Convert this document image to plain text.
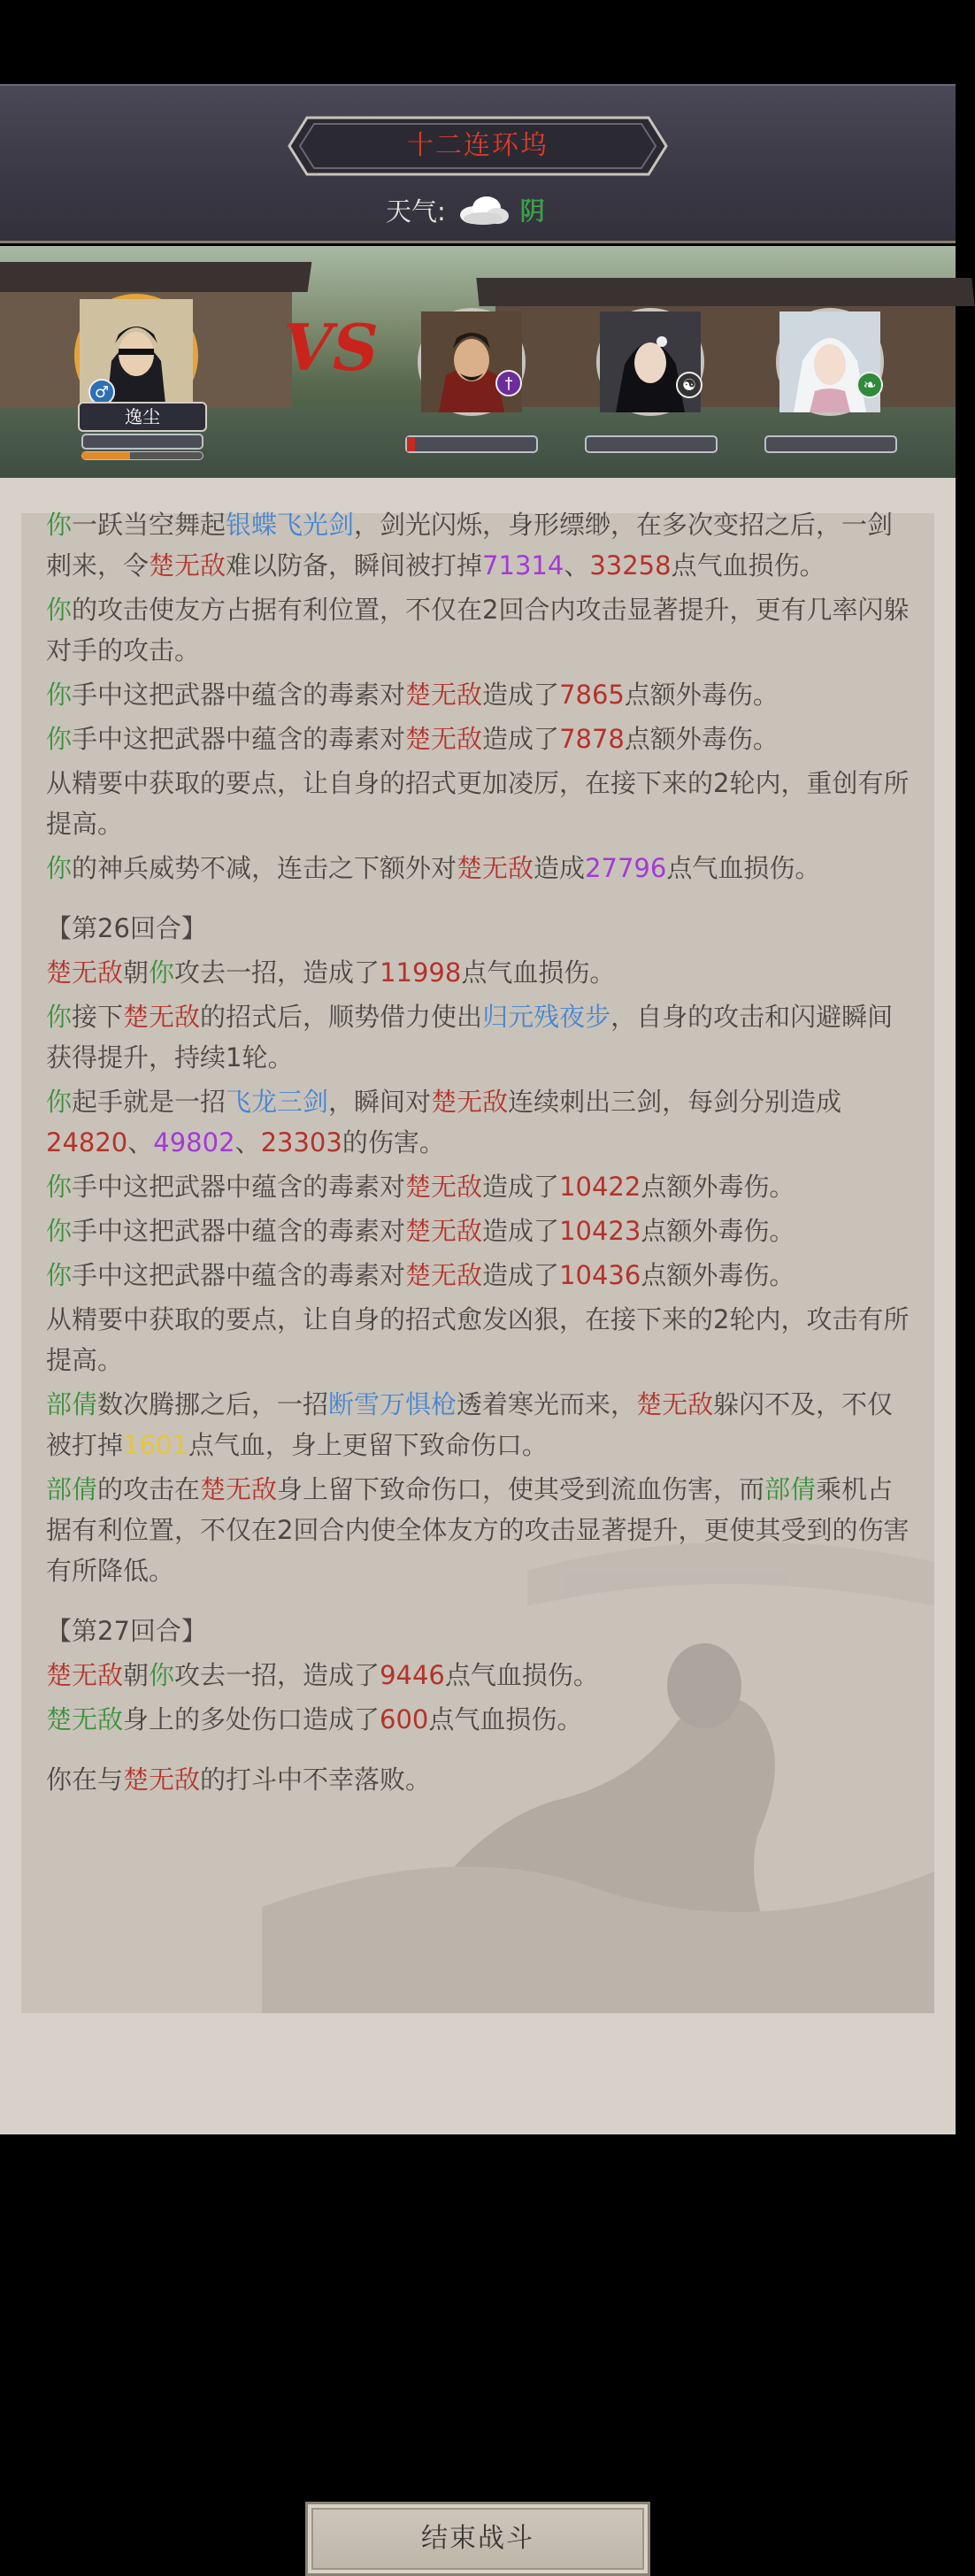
十二连环坞
天气:	阴
♂
逸尘
VS	†	☯	❧

你一跃当空舞起银蝶飞光剑，剑光闪烁，身形缥缈，在多次变招之后，一剑刺来，令楚无敌难以防备，瞬间被打掉71314、33258点气血损伤。

你的攻击使友方占据有利位置，不仅在2回合内攻击显著提升，更有几率闪躲对手的攻击。

你手中这把武器中蕴含的毒素对楚无敌造成了7865点额外毒伤。

你手中这把武器中蕴含的毒素对楚无敌造成了7878点额外毒伤。

从精要中获取的要点，让自身的招式更加凌厉，在接下来的2轮内，重创有所提高。

你的神兵威势不减，连击之下额外对楚无敌造成27796点气血损伤。

【第26回合】

楚无敌朝你攻去一招，造成了11998点气血损伤。

你接下楚无敌的招式后，顺势借力使出归元残夜步，自身的攻击和闪避瞬间获得提升，持续1轮。

你起手就是一招飞龙三剑，瞬间对楚无敌连续刺出三剑，每剑分别造成24820、49802、23303的伤害。

你手中这把武器中蕴含的毒素对楚无敌造成了10422点额外毒伤。

你手中这把武器中蕴含的毒素对楚无敌造成了10423点额外毒伤。

你手中这把武器中蕴含的毒素对楚无敌造成了10436点额外毒伤。

从精要中获取的要点，让自身的招式愈发凶狠，在接下来的2轮内，攻击有所提高。

部倩数次腾挪之后，一招断雪万惧枪透着寒光而来，楚无敌躲闪不及，不仅被打掉1601点气血，身上更留下致命伤口。

部倩的攻击在楚无敌身上留下致命伤口，使其受到流血伤害，而部倩乘机占据有利位置，不仅在2回合内使全体友方的攻击显著提升，更使其受到的伤害有所降低。

【第27回合】

楚无敌朝你攻去一招，造成了9446点气血损伤。

楚无敌身上的多处伤口造成了600点气血损伤。

你在与楚无敌的打斗中不幸落败。

结束战斗
